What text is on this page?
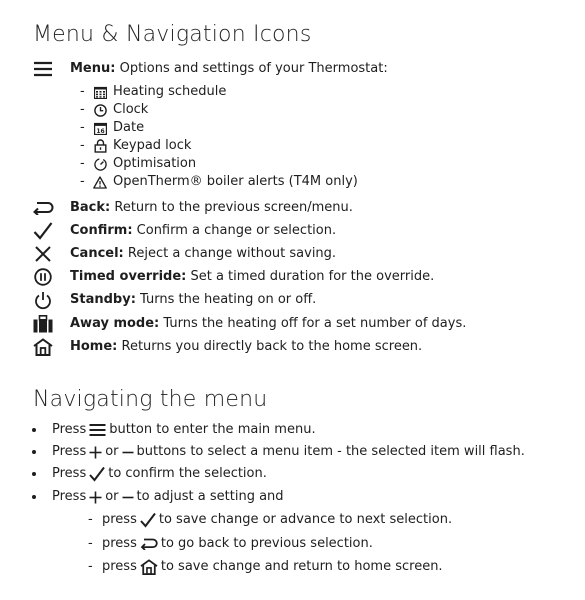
Menu & Navigation Icons
Menu: Options and settings of your Thermostat:
-	Heating schedule
-	Clock
-	16 Date
-	Keypad lock
-	Optimisation
-	OpenTherm® boiler alerts (T4M only)
Back: Return to the previous screen/menu.
Confirm: Confirm a change or selection.
Cancel: Reject a change without saving.
Timed override: Set a timed duration for the override.
Standby: Turns the heating on or off.
Away mode: Turns the heating off for a set number of days.
Home: Returns you directly back to the home screen.
Navigating the menu
Press button to enter the main menu.
Press or buttons to select a menu item - the selected item will flash.
Press to confirm the selection.
Press or to adjust a setting and
- press to save change or advance to next selection.
- press to go back to previous selection.
- press to save change and return to home screen.
